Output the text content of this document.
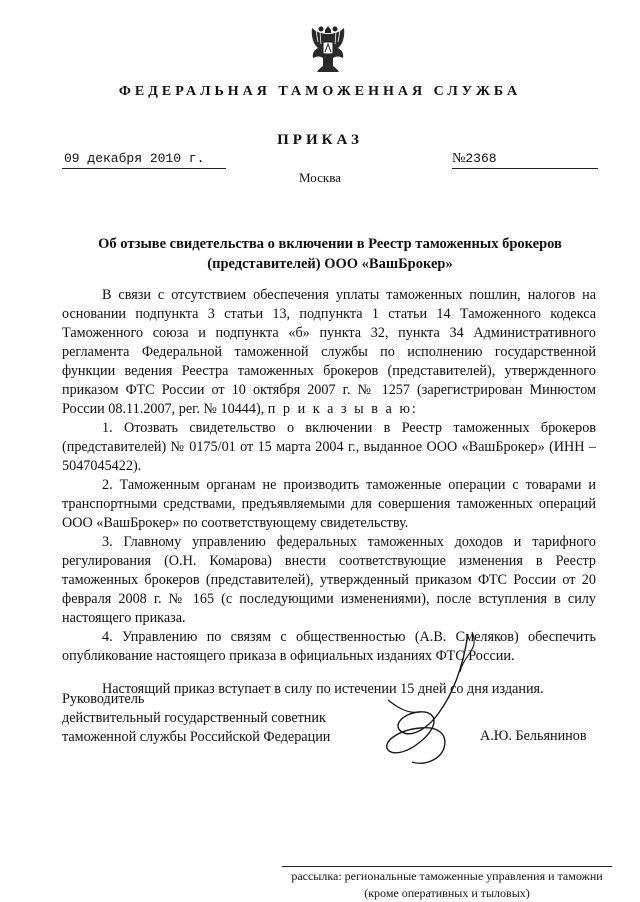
ФЕДЕРАЛЬНАЯ ТАМОЖЕННАЯ СЛУЖБА
ПРИКАЗ
09 декабря 2010 г.	№2368
Москва
Об отзыве свидетельства о включении в Реестр таможенных брокеров
(представителей) ООО «ВашБрокер»

В связи с отсутствием обеспечения уплаты таможенных пошлин, налогов на основании подпункта 3 статьи 13, подпункта 1 статьи 14 Таможенного кодекса Таможенного союза и подпункта «б» пункта 32, пункта 34 Административного регламента Федеральной таможенной службы по исполнению государственной функции ведения Реестра таможенных брокеров (представителей), утвержденного приказом ФТС России от 10 октября 2007 г. № 1257 (зарегистрирован Минюстом России 08.11.2007, рег. № 10444), п р и к а з ы в а ю:

1. Отозвать свидетельство о включении в Реестр таможенных брокеров (представителей) № 0175/01 от 15 марта 2004 г., выданное ООО «ВашБрокер» (ИНН – 5047045422).

2. Таможенным органам не производить таможенные операции с товарами и транспортными средствами, предъявляемыми для совершения таможенных операций ООО «ВашБрокер» по соответствующему свидетельству.

3. Главному управлению федеральных таможенных доходов и тарифного регулирования (О.Н. Комарова) внести соответствующие изменения в Реестр таможенных брокеров (представителей), утвержденный приказом ФТС России от 20 февраля 2008 г. № 165 (с последующими изменениями), после вступления в силу настоящего приказа.

4. Управлению по связям с общественностью (А.В. Смеляков) обеспечить опубликование настоящего приказа в официальных изданиях ФТС России.

Настоящий приказ вступает в силу по истечении 15 дней со дня издания.

Руководитель
действительный государственный советник
таможенной службы Российской Федерации	А.Ю. Бельянинов
рассылка: региональные таможенные управления и таможни
(кроме оперативных и тыловых)
